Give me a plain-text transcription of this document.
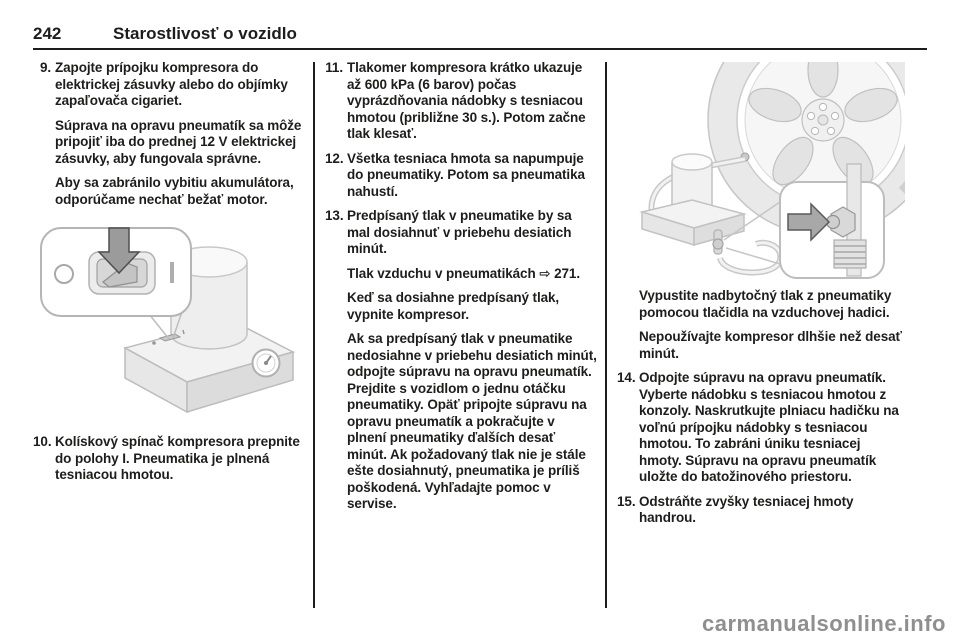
242	Starostlivosť o vozidlo
9. Zapojte prípojku kompresora do elektrickej zásuvky alebo do objímky zapaľovača cigariet.
Súprava na opravu pneumatík sa môže pripojiť iba do prednej 12 V elektrickej zásuvky, aby fungovala správne.
Aby sa zabránilo vybitiu akumulátora, odporúčame nechať bežať motor.
10. Kolískový spínač kompresora prepnite do polohy I. Pneumatika je plnená tesniacou hmotou.
11. Tlakomer kompresora krátko ukazuje až 600 kPa (6 barov) počas vyprázdňovania nádobky s tesniacou hmotou (približne 30 s.). Potom začne tlak klesať.
12. Všetka tesniaca hmota sa napumpuje do pneumatiky. Potom sa pneumatika nahustí.
13. Predpísaný tlak v pneumatike by sa mal dosiahnuť v priebehu desiatich minút.
Tlak vzduchu v pneumatikách ⇨ 271.
Keď sa dosiahne predpísaný tlak, vypnite kompresor.
Ak sa predpísaný tlak v pneumatike nedosiahne v priebehu desiatich minút, odpojte súpravu na opravu pneumatík. Prejdite s vozidlom o jednu otáčku pneumatiky. Opäť pripojte súpravu na opravu pneumatík a pokračujte v plnení pneumatiky ďalších desať minút. Ak požadovaný tlak nie je stále ešte dosiahnutý, pneumatika je príliš poškodená. Vyhľadajte pomoc v servise.
Vypustite nadbytočný tlak z pneumatiky pomocou tlačidla na vzduchovej hadici.
Nepoužívajte kompresor dlhšie než desať minút.
14. Odpojte súpravu na opravu pneumatík. Vyberte nádobku s tesniacou hmotou z konzoly. Naskrutkujte plniacu hadičku na voľnú prípojku nádobky s tesniacou hmotou. To zabráni úniku tesniacej hmoty. Súpravu na opravu pneumatík uložte do batožinového priestoru.
15. Odstráňte zvyšky tesniacej hmoty handrou.
carmanualsonline.info
